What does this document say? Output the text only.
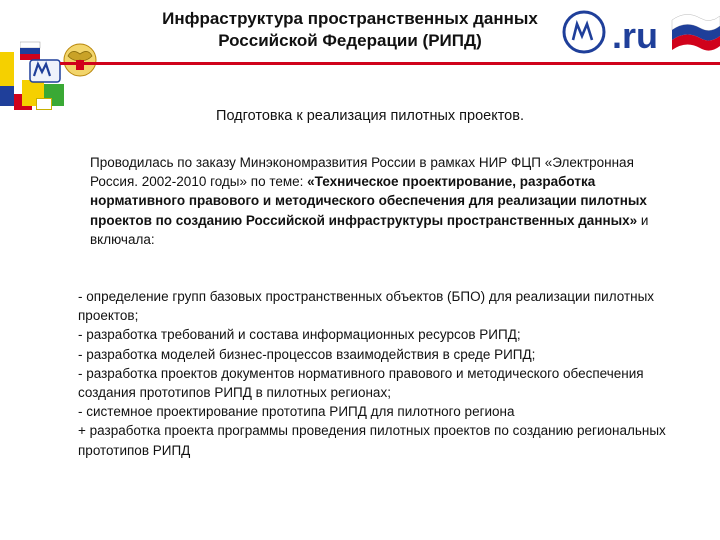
Инфраструктура пространственных данных
Российской Федерации (РИПД)	.ru
Подготовка к реализация пилотных проектов.
Проводилась по заказу Минэкономразвития России в рамках НИР ФЦП «Электронная Россия. 2002-2010 годы» по теме: «Техническое проектирование, разработка нормативного правового и методического обеспечения для реализации пилотных проектов по созданию Российской инфраструктуры пространственных данных» и включала:
- определение групп базовых пространственных объектов (БПО) для реализации пилотных проектов;
- разработка требований и состава информационных ресурсов РИПД;
- разработка моделей бизнес-процессов взаимодействия в среде РИПД;
- разработка проектов документов нормативного правового и методического обеспечения создания прототипов РИПД в пилотных регионах;
- системное проектирование прототипа РИПД для пилотного региона
+ разработка проекта программы проведения пилотных проектов по созданию региональных прототипов РИПД
